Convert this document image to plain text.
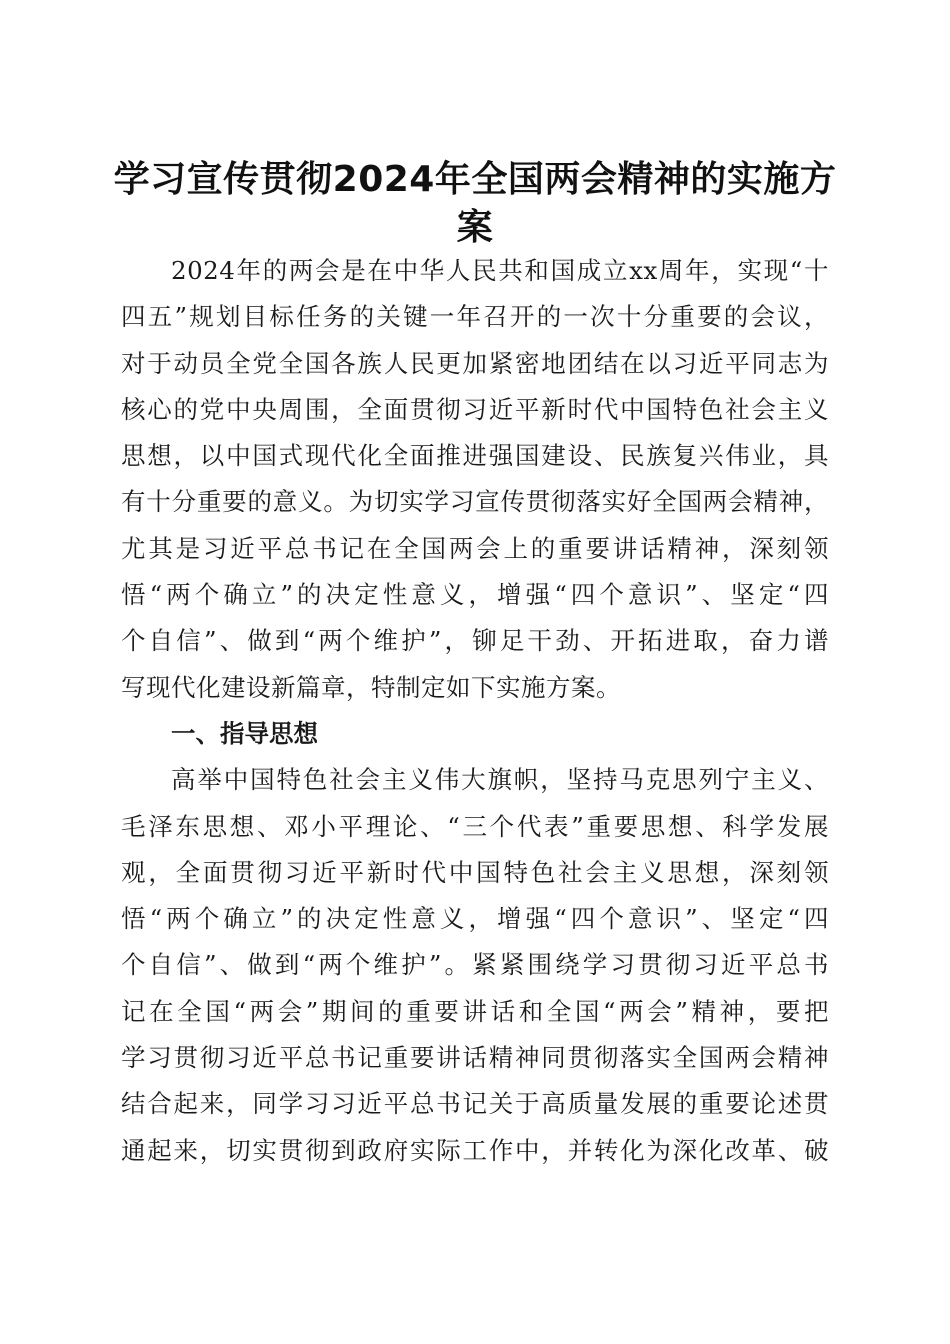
学习宣传贯彻2024年全国两会精神的实施方
案
2024年的两会是在中华人民共和国成立xx周年，实现“十
四五”规划目标任务的关键一年召开的一次十分重要的会议，
对于动员全党全国各族人民更加紧密地团结在以习近平同志为
核心的党中央周围，全面贯彻习近平新时代中国特色社会主义
思想，以中国式现代化全面推进强国建设、民族复兴伟业，具
有十分重要的意义。为切实学习宣传贯彻落实好全国两会精神，
尤其是习近平总书记在全国两会上的重要讲话精神，深刻领
悟“两个确立”的决定性意义，增强“四个意识”、坚定“四
个自信”、做到“两个维护”，铆足干劲、开拓进取，奋力谱
写现代化建设新篇章，特制定如下实施方案。
一、指导思想
高举中国特色社会主义伟大旗帜，坚持马克思列宁主义、
毛泽东思想、邓小平理论、“三个代表”重要思想、科学发展
观，全面贯彻习近平新时代中国特色社会主义思想，深刻领
悟“两个确立”的决定性意义，增强“四个意识”、坚定“四
个自信”、做到“两个维护”。紧紧围绕学习贯彻习近平总书
记在全国“两会”期间的重要讲话和全国“两会”精神，要把
学习贯彻习近平总书记重要讲话精神同贯彻落实全国两会精神
结合起来，同学习习近平总书记关于高质量发展的重要论述贯
通起来，切实贯彻到政府实际工作中，并转化为深化改革、破
